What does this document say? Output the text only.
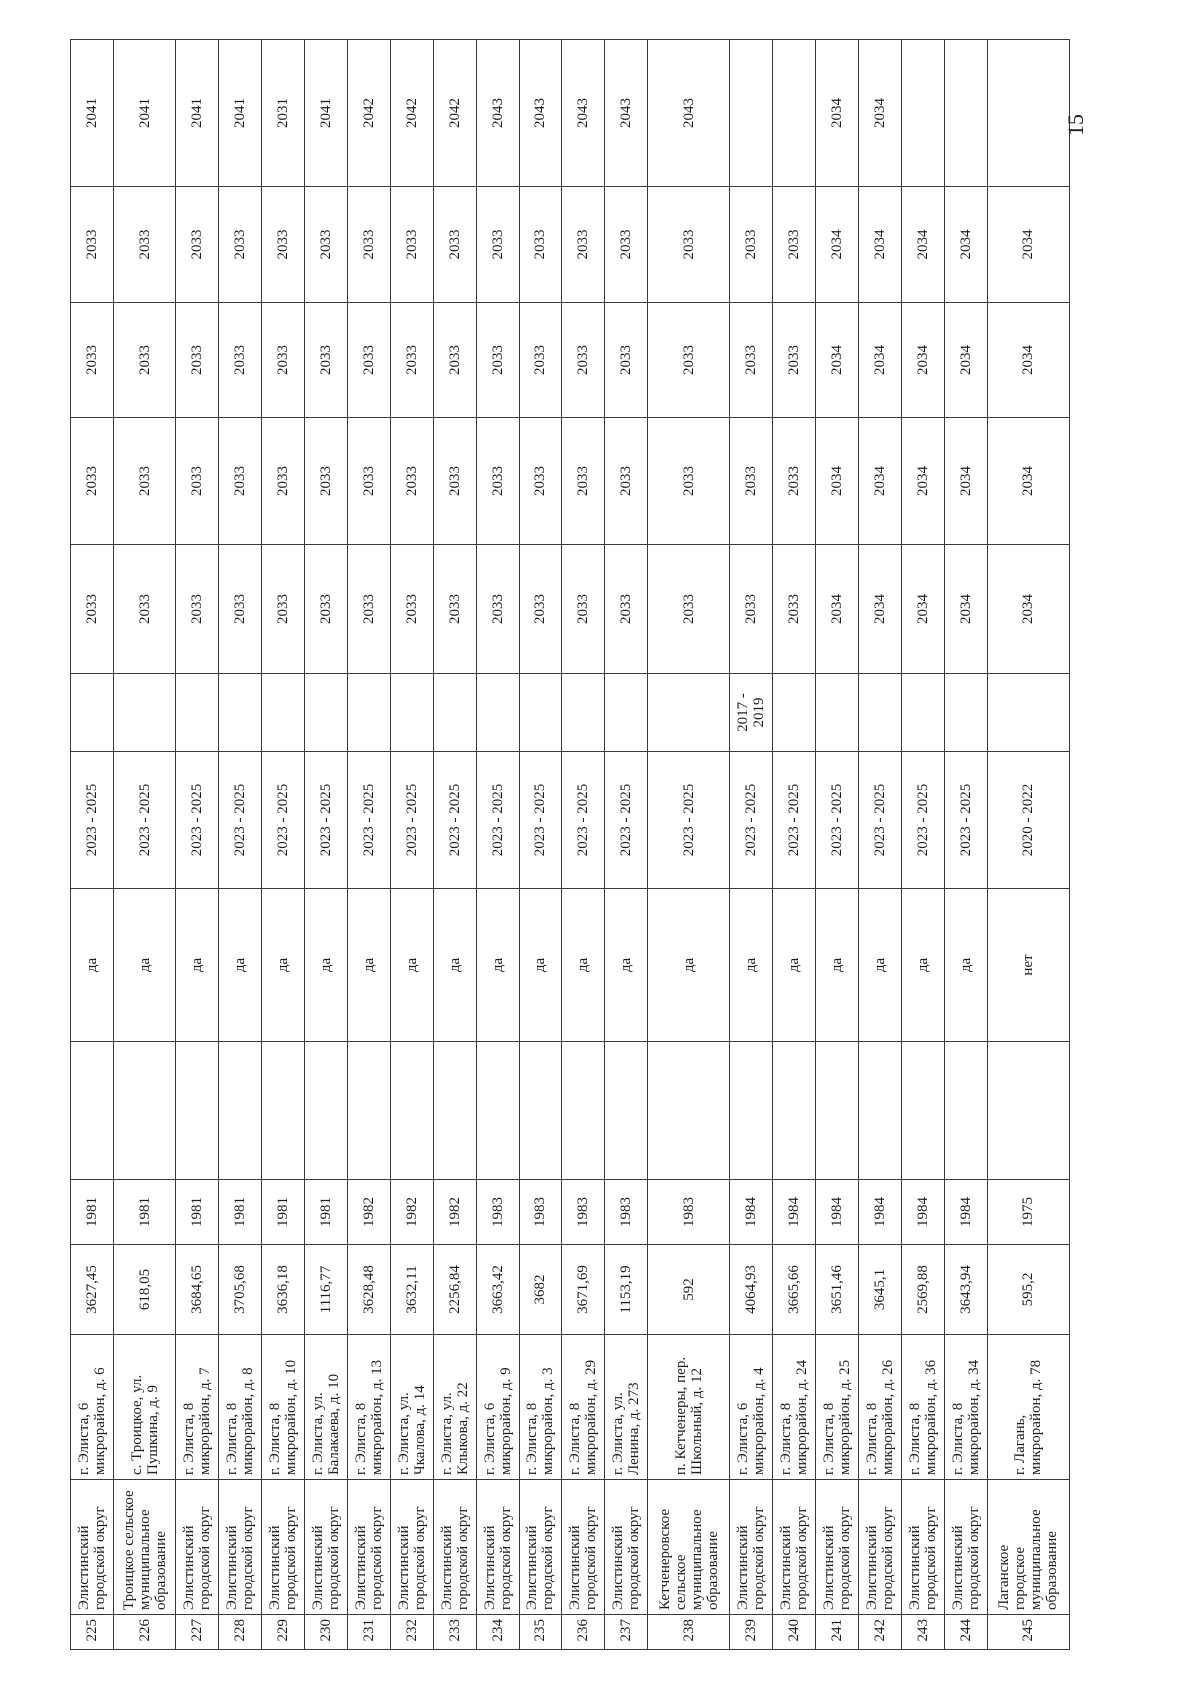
225	Элистинский городской округ	г. Элиста, 6 микрорайон, д. 6	3627,45	1981		да	2023 - 2025		2033	2033	2033	2033	2041
226	Троицкое сельское муниципальное образование	с. Троицкое, ул. Пушкина, д. 9	618,05	1981		да	2023 - 2025		2033	2033	2033	2033	2041
227	Элистинский городской округ	г. Элиста, 8 микрорайон, д. 7	3684,65	1981		да	2023 - 2025		2033	2033	2033	2033	2041
228	Элистинский городской округ	г. Элиста, 8 микрорайон, д. 8	3705,68	1981		да	2023 - 2025		2033	2033	2033	2033	2041
229	Элистинский городской округ	г. Элиста, 8 микрорайон, д. 10	3636,18	1981		да	2023 - 2025		2033	2033	2033	2033	2031
230	Элистинский городской округ	г. Элиста, ул. Балакаева, д. 10	1116,77	1981		да	2023 - 2025		2033	2033	2033	2033	2041
231	Элистинский городской округ	г. Элиста, 8 микрорайон, д. 13	3628,48	1982		да	2023 - 2025		2033	2033	2033	2033	2042
232	Элистинский городской округ	г. Элиста, ул. Чкалова, д. 14	3632,11	1982		да	2023 - 2025		2033	2033	2033	2033	2042
233	Элистинский городской округ	г. Элиста, ул. Клыкова, д. 22	2256,84	1982		да	2023 - 2025		2033	2033	2033	2033	2042
234	Элистинский городской округ	г. Элиста, 6 микрорайон, д. 9	3663,42	1983		да	2023 - 2025		2033	2033	2033	2033	2043
235	Элистинский городской округ	г. Элиста, 8 микрорайон, д. 3	3682	1983		да	2023 - 2025		2033	2033	2033	2033	2043
236	Элистинский городской округ	г. Элиста, 8 микрорайон, д. 29	3671,69	1983		да	2023 - 2025		2033	2033	2033	2033	2043
237	Элистинский городской округ	г. Элиста, ул. Ленина, д. 273	1153,19	1983		да	2023 - 2025		2033	2033	2033	2033	2043
238	Кетченеровское сельское муниципальное образование	п. Кетченеры, пер. Школьный, д. 12	592	1983		да	2023 - 2025		2033	2033	2033	2033	2043
239	Элистинский городской округ	г. Элиста, 6 микрорайон, д. 4	4064,93	1984		да	2023 - 2025	2017 - 2019	2033	2033	2033	2033	
240	Элистинский городской округ	г. Элиста, 8 микрорайон, д. 24	3665,66	1984		да	2023 - 2025		2033	2033	2033	2033	
241	Элистинский городской округ	г. Элиста, 8 микрорайон, д. 25	3651,46	1984		да	2023 - 2025		2034	2034	2034	2034	2034
242	Элистинский городской округ	г. Элиста, 8 микрорайон, д. 26	3645,1	1984		да	2023 - 2025		2034	2034	2034	2034	2034
243	Элистинский городской округ	г. Элиста, 8 микрорайон, д. 36	2569,88	1984		да	2023 - 2025		2034	2034	2034	2034	
244	Элистинский городской округ	г. Элиста, 8 микрорайон, д. 34	3643,94	1984		да	2023 - 2025		2034	2034	2034	2034	
245	Лаганское городское муниципальное образование	г. Лагань, микрорайон, д. 78	595,2	1975		нет	2020 - 2022		2034	2034	2034	2034	
15
